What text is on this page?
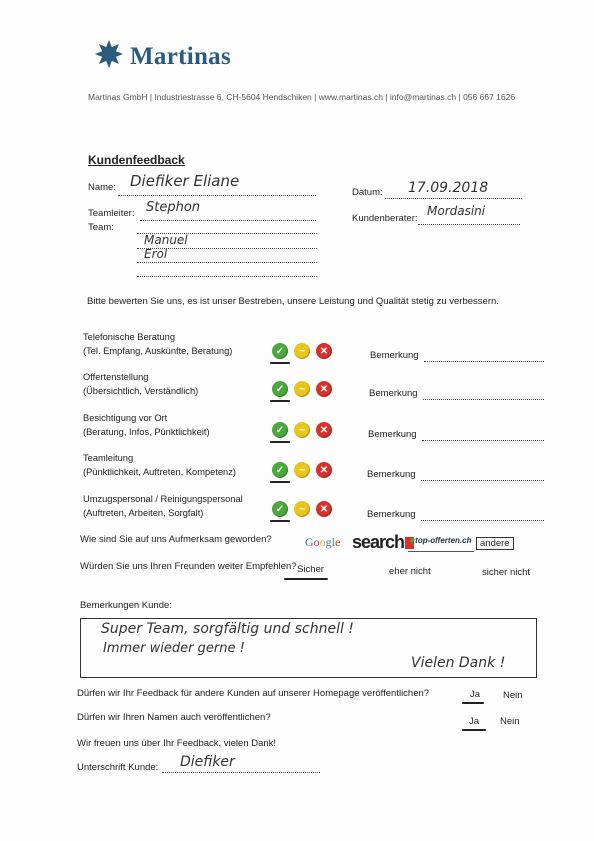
Martinas
Martinas GmbH | Industriestrasse 6, CH-5604 Hendschiken | www.martinas.ch | info@martinas.ch | 056 667 1626
Kundenfeedback
Name: Diefiker Eliane
Datum: 17.09.2018
Teamleiter: Stephon
Kundenberater:
Mordasini
Team:
Manuel
Erol
Bitte bewerten Sie uns, es ist unser Bestreben, unsere Leistung und Qualität stetig zu verbessern.
Telefonische Beratung
(Tel. Empfang, Auskünfte, Beratung)	✓	~	✕	Bemerkung
Offertenstellung
(Übersichtlich, Verständlich)	✓	~	✕	Bemerkung
Besichtigung vor Ort
(Beratung, Infos, Pünktlichkeit)	✓	~	✕	Bemerkung
Teamleitung
(Pünktlichkeit, Auftreten, Kompetenz)	✓	~	✕	Bemerkung
Umzugspersonal / Reinigungspersonal
(Auftreten, Arbeiten, Sorgfalt)	✓	~	✕	Bemerkung
Wie sind Sie auf uns Aufmerksam geworden?	Google search ★top-offerten.ch andere
Würden Sie uns Ihren Freunden weiter Empfehlen? Sicher	eher nicht	sicher nicht
Bemerkungen Kunde:
Super Team, sorgfältig und schnell !
Immer wieder gerne !
Vielen Dank !
Dürfen wir Ihr Feedback für andere Kunden auf unserer Homepage veröffentlichen?	Ja Nein
Dürfen wir Ihren Namen auch veröffentlichen?	Ja Nein
Wir freuen uns über Ihr Feedback, vielen Dank!
Unterschrift Kunde: Diefiker
